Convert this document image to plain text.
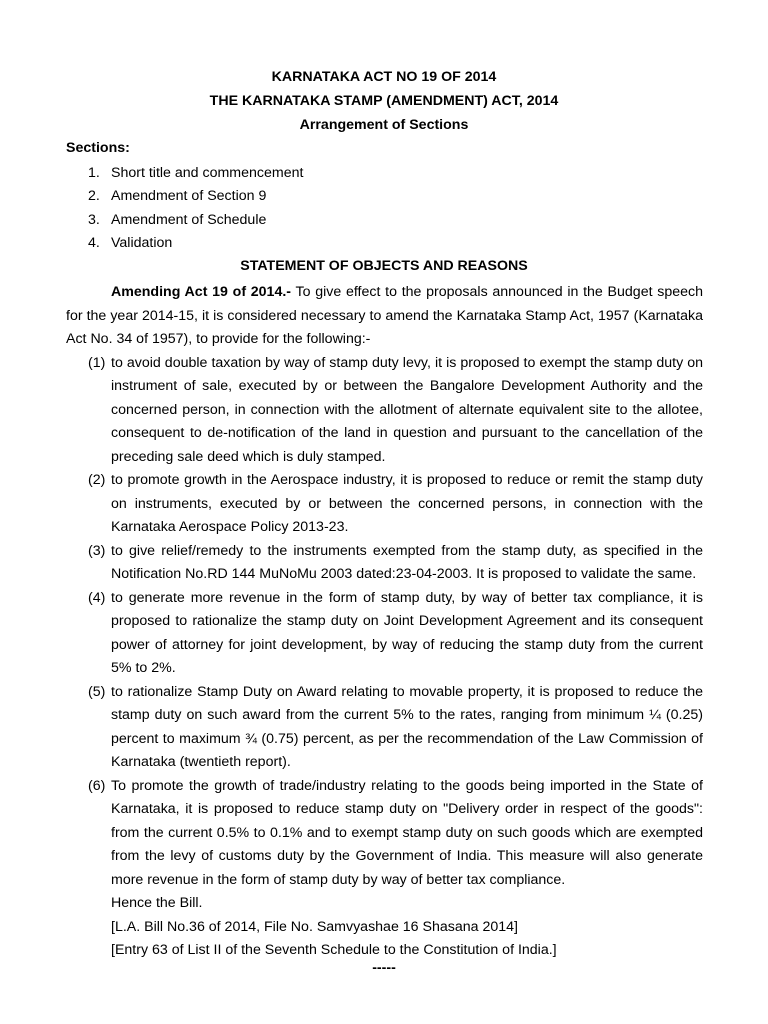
KARNATAKA ACT NO 19 OF 2014
THE KARNATAKA STAMP (AMENDMENT) ACT, 2014
Arrangement of Sections
Sections:
1. Short title and commencement
2. Amendment of Section 9
3. Amendment of Schedule
4. Validation
STATEMENT OF OBJECTS AND REASONS

Amending Act 19 of 2014.- To give effect to the proposals announced in the Budget speech for the year 2014-15, it is considered necessary to amend the Karnataka Stamp Act, 1957 (Karnataka Act No. 34 of 1957), to provide for the following:-

(1) to avoid double taxation by way of stamp duty levy, it is proposed to exempt the stamp duty on instrument of sale, executed by or between the Bangalore Development Authority and the concerned person, in connection with the allotment of alternate equivalent site to the allotee, consequent to de-notification of the land in question and pursuant to the cancellation of the preceding sale deed which is duly stamped.
(2) to promote growth in the Aerospace industry, it is proposed to reduce or remit the stamp duty on instruments, executed by or between the concerned persons, in connection with the Karnataka Aerospace Policy 2013-23.
(3) to give relief/remedy to the instruments exempted from the stamp duty, as specified in the Notification No.RD 144 MuNoMu 2003 dated:23-04-2003. It is proposed to validate the same.
(4) to generate more revenue in the form of stamp duty, by way of better tax compliance, it is proposed to rationalize the stamp duty on Joint Development Agreement and its consequent power of attorney for joint development, by way of reducing the stamp duty from the current 5% to 2%.
(5) to rationalize Stamp Duty on Award relating to movable property, it is proposed to reduce the stamp duty on such award from the current 5% to the rates, ranging from minimum ¼ (0.25) percent to maximum ¾ (0.75) percent, as per the recommendation of the Law Commission of Karnataka (twentieth report).
(6) To promote the growth of trade/industry relating to the goods being imported in the State of Karnataka, it is proposed to reduce stamp duty on "Delivery order in respect of the goods": from the current 0.5% to 0.1% and to exempt stamp duty on such goods which are exempted from the levy of customs duty by the Government of India. This measure will also generate more revenue in the form of stamp duty by way of better tax compliance.

Hence the Bill.

[L.A. Bill No.36 of 2014, File No. Samvyashae 16 Shasana 2014]

[Entry 63 of List II of the Seventh Schedule to the Constitution of India.]

-----
